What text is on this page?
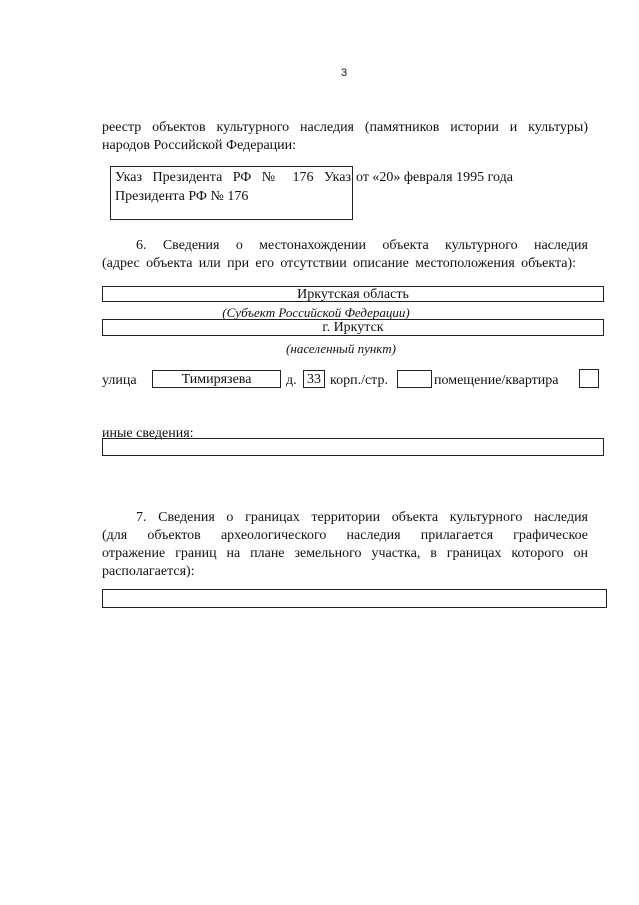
3
реестр объектов культурного наследия (памятников истории и культуры)
народов Российской Федерации:
Указ Президента РФ № 176 Указ
Президента РФ № 176
от «20» февраля 1995 года
6. Сведения о местонахождении объекта культурного наследия
(адрес объекта или при его отсутствии описание местоположения объекта):
Иркутская область
(Субъект Российской Федерации)
г. Иркутск
(населенный пункт)
улица	Тимирязева	д. 33 корп./стр.	помещение/квартира
иные сведения:
7. Сведения о границах территории объекта культурного наследия
(для объектов археологического наследия прилагается графическое
отражение границ на плане земельного участка, в границах которого он
располагается):
